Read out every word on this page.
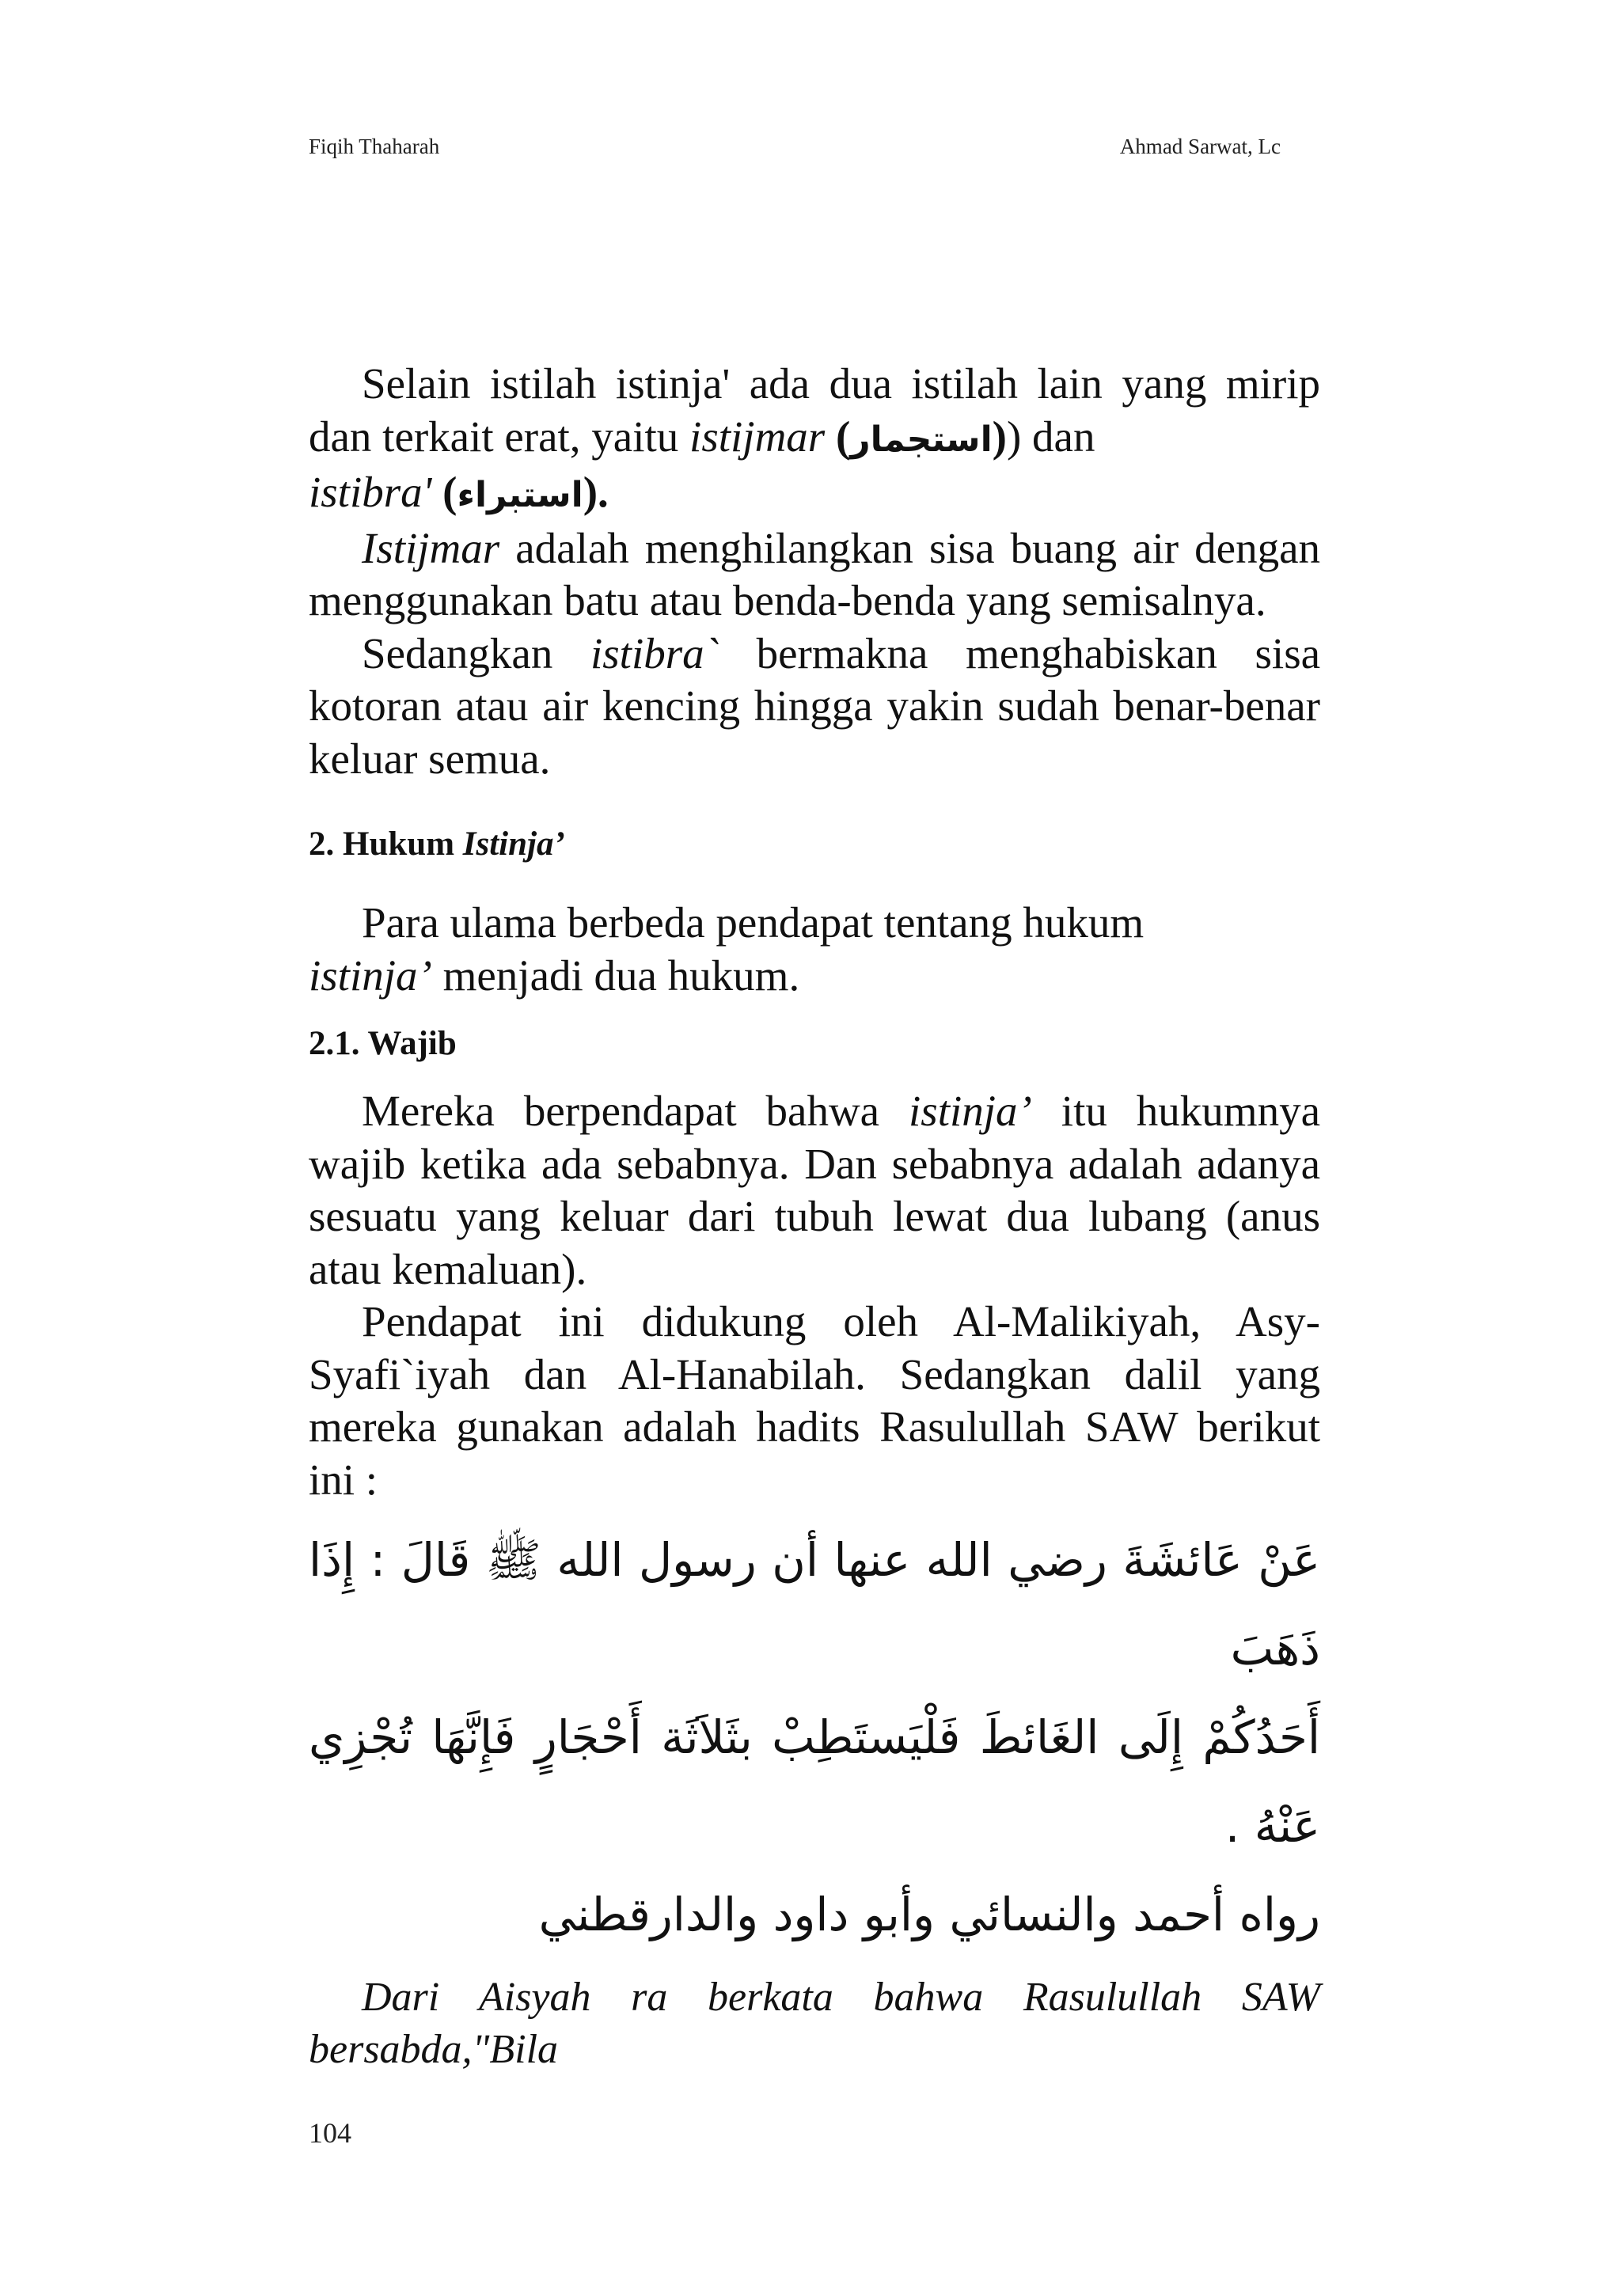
Fiqih Thaharah	Ahmad Sarwat, Lc

Selain istilah istinja' ada dua istilah lain yang mirip dan terkait erat, yaitu istijmar (استجمار)) dan
istibra' (استبراء).

Istijmar adalah menghilangkan sisa buang air dengan menggunakan batu atau benda-benda yang semisalnya.

Sedangkan istibra` bermakna menghabiskan sisa kotoran atau air kencing hingga yakin sudah benar-benar keluar semua.

2. Hukum Istinja’

Para ulama berbeda pendapat tentang hukum
istinja’ menjadi dua hukum.

2.1. Wajib

Mereka berpendapat bahwa istinja’ itu hukumnya wajib ketika ada sebabnya. Dan sebabnya adalah adanya sesuatu yang keluar dari tubuh lewat dua lubang (anus atau kemaluan).

Pendapat ini didukung oleh Al-Malikiyah, Asy-Syafi`iyah dan Al-Hanabilah. Sedangkan dalil yang mereka gunakan adalah hadits Rasulullah SAW berikut ini :

عَنْ عَائشَةَ رضي الله عنها أن رسول الله ﷺ قَالَ : إِذَا ذَهَبَ
أَحَدُكُمْ إِلَى الغَائطَ فَلْيَستَطِبْ بثَلاَثَة أَحْجَارٍ فَإِنَّهَا تُجْزِي عَنْهُ .
رواه أحمد والنسائي وأبو داود والدارقطني

Dari Aisyah ra berkata bahwa Rasulullah SAW bersabda,"Bila

104
